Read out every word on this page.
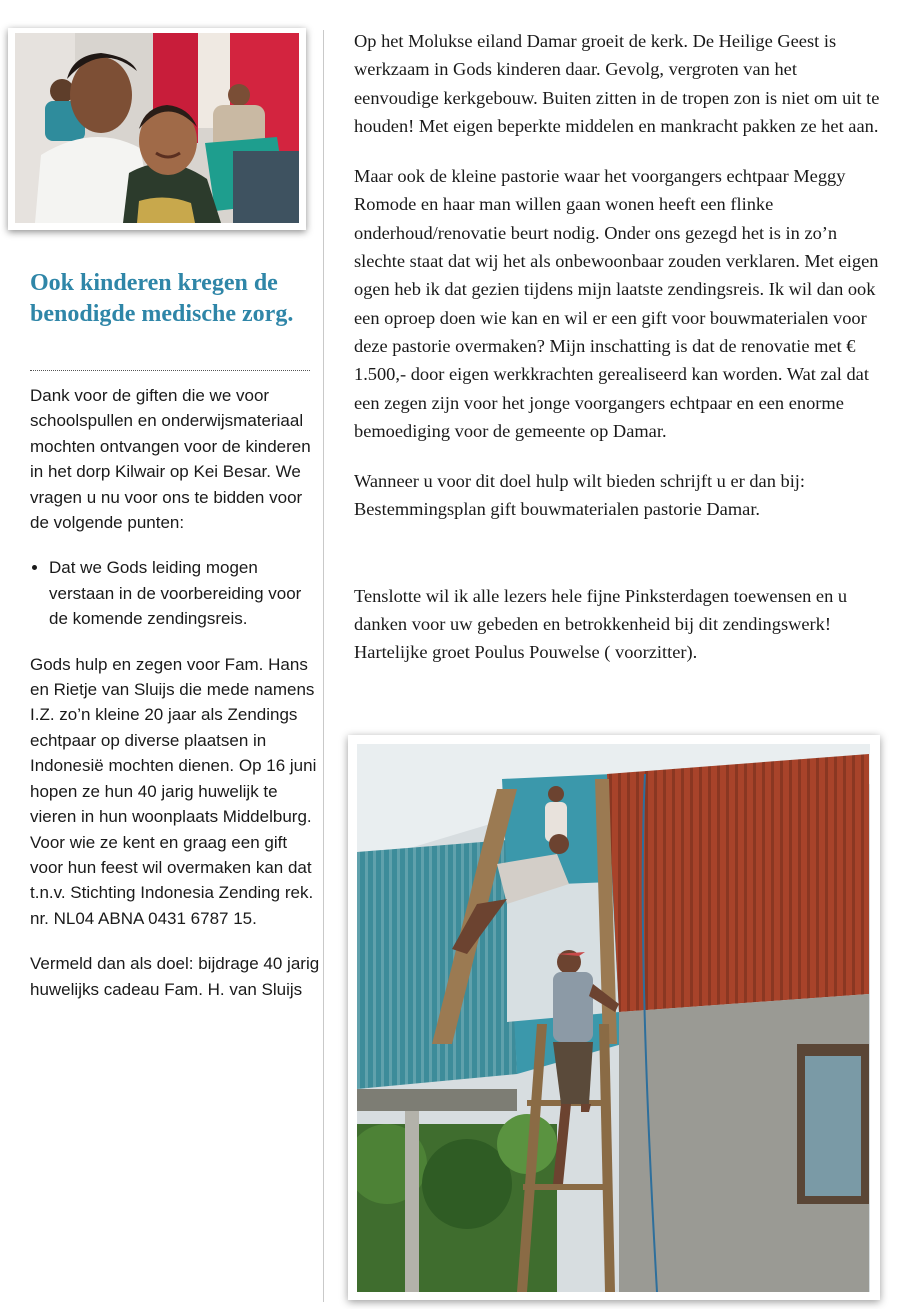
Ook kinderen kregen de benodigde medische zorg.

Dank voor de giften die we voor schoolspullen en onderwijsmateriaal mochten ontvangen voor de kinderen in het dorp Kilwair op Kei Besar. We vragen u nu voor ons te bidden voor de volgende punten:

• Dat we Gods leiding mogen verstaan in de voorbereiding voor de komende zendingsreis.

Gods hulp en zegen voor Fam. Hans en Rietje van Sluijs die mede namens I.Z. zo’n kleine 20 jaar als Zendings echtpaar op diverse plaatsen in Indonesië mochten dienen. Op 16 juni hopen ze hun 40 jarig huwelijk te vieren in hun woonplaats Middelburg. Voor wie ze kent en graag een gift voor hun feest wil overmaken kan dat t.n.v. Stichting Indonesia Zending rek. nr. NL04 ABNA 0431 6787 15.

Vermeld dan als doel: bijdrage 40 jarig huwelijks cadeau Fam. H. van Sluijs

Op het Molukse eiland Damar groeit de kerk. De Heilige Geest is werkzaam in Gods kinderen daar. Gevolg, vergroten van het eenvoudige kerkgebouw. Buiten zitten in de tropen zon is niet om uit te houden! Met eigen beperkte middelen en mankracht pakken ze het aan.

Maar ook de kleine pastorie waar het voorgangers echtpaar Meggy Romode en haar man willen gaan wonen heeft een flinke onderhoud/renovatie beurt nodig. Onder ons gezegd het is in zo’n slechte staat dat wij het als onbewoonbaar zouden verklaren. Met eigen ogen heb ik dat gezien tijdens mijn laatste zendingsreis. Ik wil dan ook een oproep doen wie kan en wil er een gift voor bouwmaterialen voor deze pastorie overmaken? Mijn inschatting is dat de renovatie met € 1.500,- door eigen werkkrachten gerealiseerd kan worden. Wat zal dat een zegen zijn voor het jonge voorgangers echtpaar en een enorme bemoediging voor de gemeente op Damar.

Wanneer u voor dit doel hulp wilt bieden schrijft u er dan bij: Bestemmingsplan gift bouwmaterialen pastorie Damar.

Tenslotte wil ik alle lezers hele fijne Pinksterdagen toewensen en u danken voor uw gebeden en betrokkenheid bij dit zendingswerk! Hartelijke groet Poulus Pouwelse ( voorzitter).
